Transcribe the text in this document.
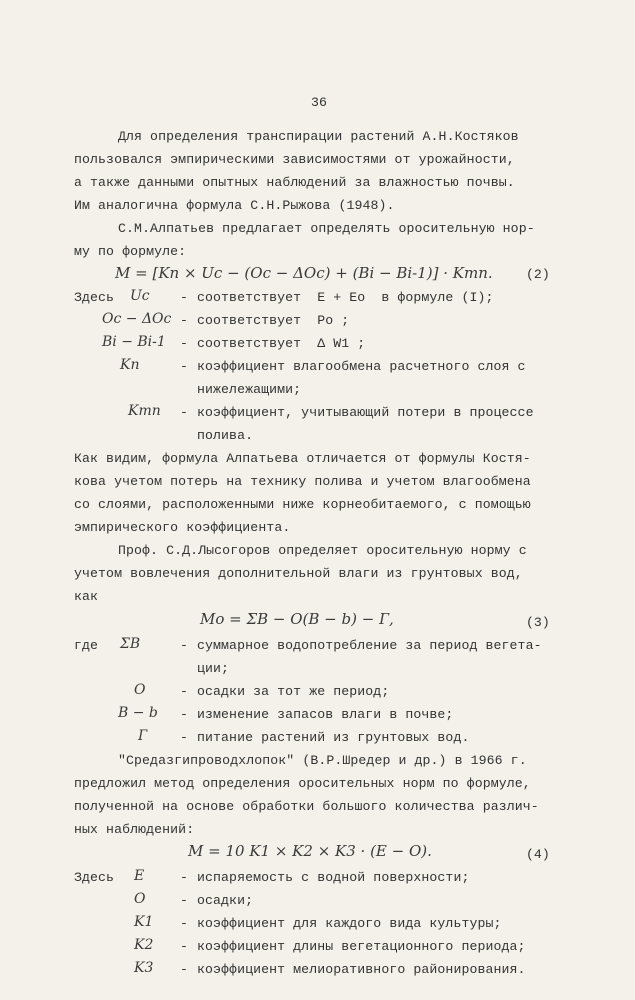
36
Для определения транспирации растений А.Н.Костяков
пользовался эмпирическими зависимостями от урожайности,
а также данными опытных наблюдений за влажностью почвы.
Им аналогична формула С.Н.Рыжова (1948).
С.М.Алпатьев предлагает определять оросительную нор-
му по формуле:
M = [Kп × Uс − (Oс − ΔOс) + (Bi − Bi-1)] · Kтп.	(2)
Здесь Uс - соответствует  E + Eo  в формуле (I);
Oс − ΔOс - соответствует  Po ;
Bi − Bi-1 - соответствует  Δ W1 ;
Kп	- коэффициент влагообмена расчетного слоя с
нижележащими;
Kтп - коэффициент, учитывающий потери в процессе
полива.
Как видим, формула Алпатьева отличается от формулы Костя-
кова учетом потерь на технику полива и учетом влагообмена
со слоями, расположенными ниже корнеобитаемого, с помощью
эмпирического коэффициента.
Проф. С.Д.Лысогоров определяет оросительную норму с
учетом вовлечения дополнительной влаги из грунтовых вод,
как
Mo = ΣB − O(B − b) − Г,	(3)
где ΣB	- суммарное водопотребление за период вегета-
ции;
O	- осадки за тот же период;
B − b - изменение запасов влаги в почве;
Г - питание растений из грунтовых вод.
"Средазгипроводхлопок" (В.Р.Шредер и др.) в 1966 г.
предложил метод определения оросительных норм по формуле,
полученной на основе обработки большого количества различ-
ных наблюдений:
M = 10 K1 × K2 × K3 · (E − O).	(4)
Здесь E	- испаряемость с водной поверхности;
O	- осадки;
K1 - коэффициент для каждого вида культуры;
K2 - коэффициент длины вегетационного периода;
K3 - коэффициент мелиоративного районирования.
